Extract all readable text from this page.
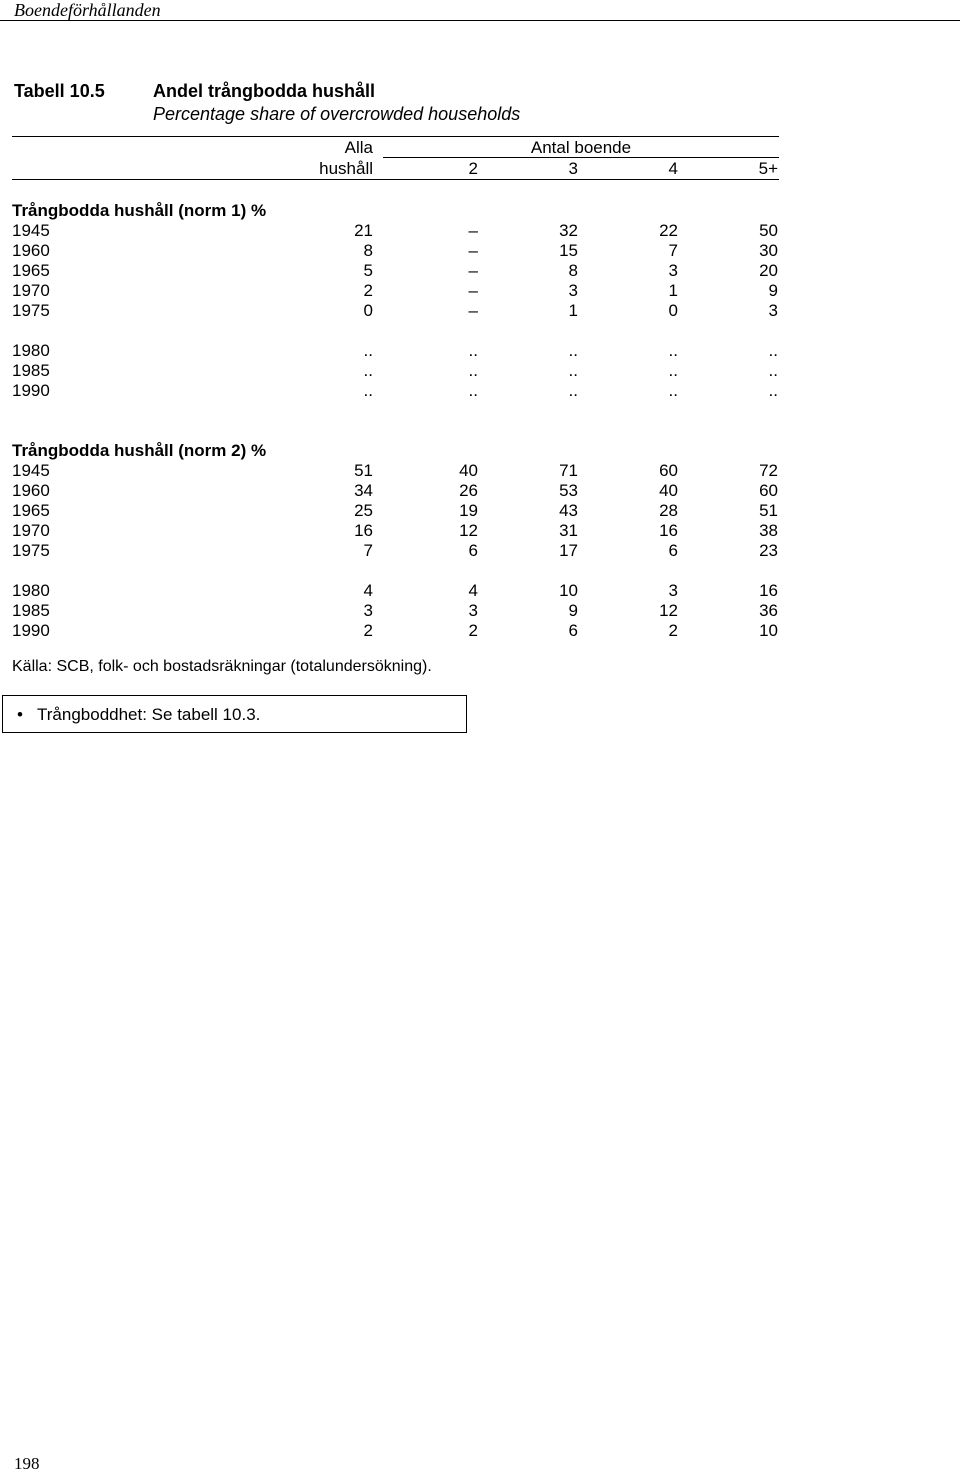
Boendeförhållanden
Tabell 10.5	Andel trångbodda hushåll
Percentage share of overcrowded households
Alla	Antal boende
hushåll	2	3	4	5+
Trångbodda hushåll (norm 1) %
1945	21	–	32	22	50
1960	8	–	15	7	30
1965	5	–	8	3	20
1970	2	–	3	1	9
1975	0	–	1	0	3
1980	..	..	..	..	..
1985	..	..	..	..	..
1990	..	..	..	..	..
Trångbodda hushåll (norm 2) %
1945	51	40	71	60	72
1960	34	26	53	40	60
1965	25	19	43	28	51
1970	16	12	31	16	38
1975	7	6	17	6	23
1980	4	4	10	3	16
1985	3	3	9	12	36
1990	2	2	6	2	10
Källa: SCB, folk- och bostadsräkningar (totalundersökning).
• Trångboddhet: Se tabell 10.3.
198
